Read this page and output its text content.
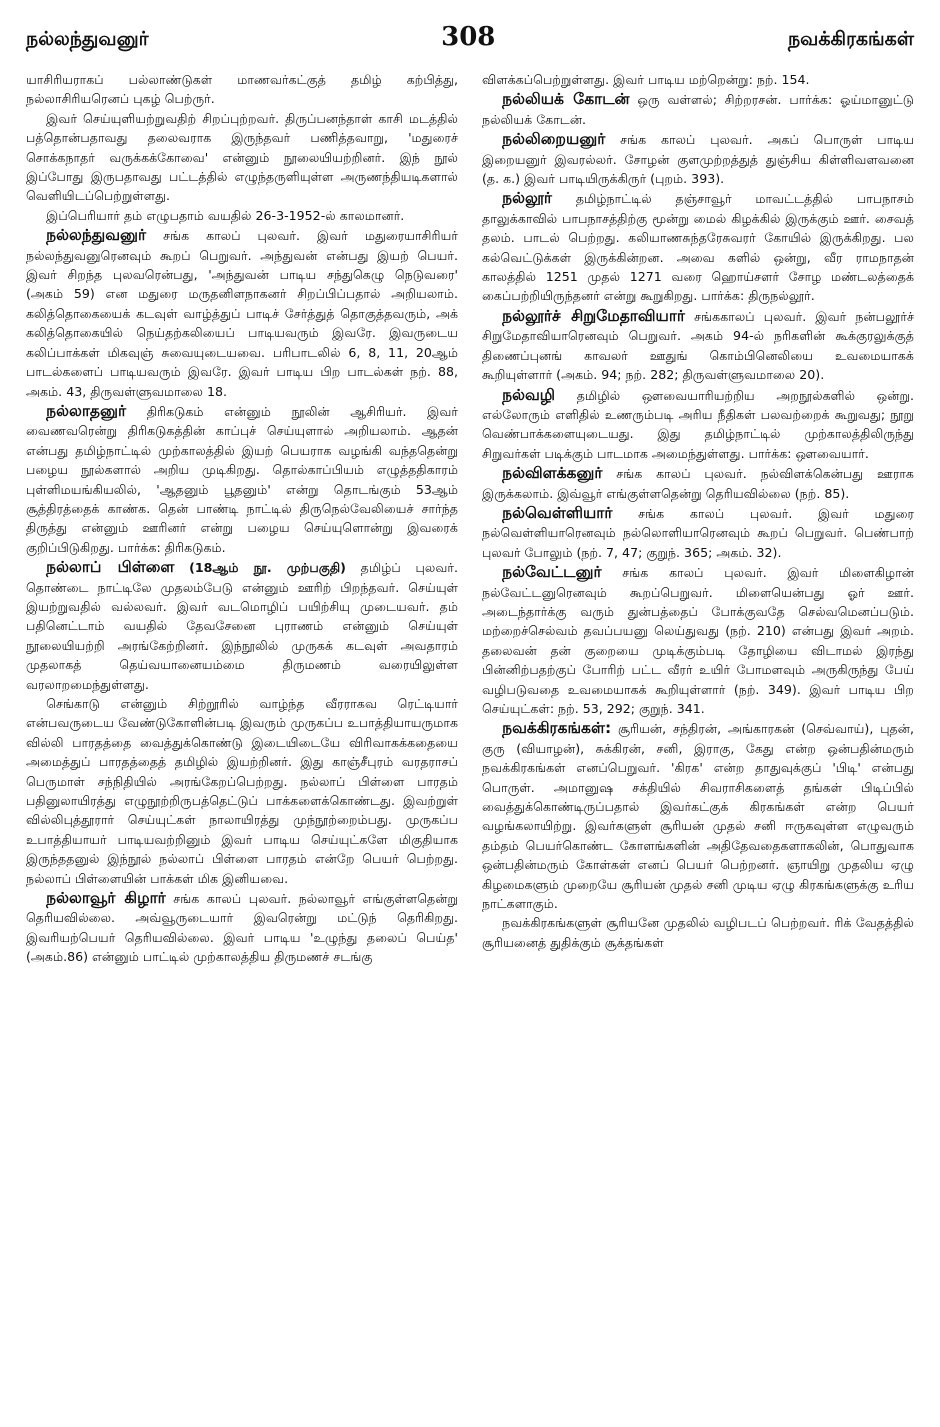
நல்லந்துவனுர்	308	நவக்கிரகங்கள்

யாசிரியராகப் பல்லாண்டுகள் மாணவர்கட்குத் தமிழ் கற்பித்து, நல்லாசிரியரெனப் புகழ் பெற்ருர்.

இவர் செய்யுளியற்றுவதிற் சிறப்புற்றவர். திருப்பனந்தாள் காசி மடத்தில் பத்தொன்பதாவது தலைவராக இருந்தவர் பணித்தவாறு, 'மதுரைச் சொக்கநாதர் வருக்கக்கோவை' என்னும் நூலையியற்றினர். இந் நூல் இப்போது இருபதாவது பட்டத்தில் எழுந்தருளியுள்ள அருணந்தியடிகளால் வெளியிடப்பெற்றுள்ளது.

இப்பெரியார் தம் எழுபதாம் வயதில் 26-3-1952-ல் காலமானர்.

நல்லந்துவனுர் சங்க காலப் புலவர். இவர் மதுரையாசிரியர் நல்லந்துவனுரெனவும் கூறப் பெறுவர். அந்துவன் என்பது இயற் பெயர். இவர் சிறந்த புலவரென்பது, 'அந்துவன் பாடிய சந்துகெழு நெடுவரை' (அகம் 59) என மதுரை மருதனிளநாகனர் சிறப்பிப்பதால் அறியலாம். கலித்தொகையைக் கடவுள் வாழ்த்துப் பாடிச் சேர்த்துத் தொகுத்தவரும், அக் கலித்தொகையில் நெய்தற்கலியைப் பாடியவரும் இவரே. இவருடைய கலிப்பாக்கள் மிகவுஞ் சுவையுடையவை. பரிபாடலில் 6, 8, 11, 20ஆம் பாடல்களைப் பாடியவரும் இவரே. இவர் பாடிய பிற பாடல்கள் நற். 88, அகம். 43, திருவள்ளுவமாலை 18.

நல்லாதனுர் திரிகடுகம் என்னும் நூலின் ஆசிரியர். இவர் வைணவரென்று திரிகடுகத்தின் காப்புச் செய்யுளால் அறியலாம். ஆதன் என்பது தமிழ்நாட்டில் முற்காலத்தில் இயற் பெயராக வழங்கி வந்ததென்று பழைய நூல்களால் அறிய முடிகிறது. தொல்காப்பியம் எழுத்ததிகாரம் புள்ளிமயங்கியலில், 'ஆதனும் பூதனும்' என்று தொடங்கும் 53ஆம் சூத்திரத்தைக் காண்க. தென் பாண்டி நாட்டில் திருநெல்வேலியைச் சார்ந்த திருத்து என்னும் ஊரினர் என்று பழைய செய்யுளொன்று இவரைக் குறிப்பிடுகிறது. பார்க்க: திரிகடுகம்.

நல்லாப் பிள்ளை (18ஆம் நூ. முற்பகுதி) தமிழ்ப் புலவர். தொண்டை நாட்டிலே முதலம்பேடு என்னும் ஊரிற் பிறந்தவர். செய்யுள் இயற்றுவதில் வல்லவர். இவர் வடமொழிப் பயிற்சியு முடையவர். தம் பதினெட்டாம் வயதில் தேவசேனை புராணம் என்னும் செய்யுள் நூலையியற்றி அரங்கேற்றினர். இந்நூலில் முருகக் கடவுள் அவதாரம் முதலாகத் தெய்வயானையம்மை திருமணம் வரையிலுள்ள வரலாறமைந்துள்ளது.

செங்காடு என்னும் சிற்றூரில் வாழ்ந்த வீரராகவ ரெட்டியார் என்பவருடைய வேண்டுகோளின்படி இவரும் முருகப்ப உபாத்தியாயருமாக வில்லி பாரதத்தை வைத்துக்கொண்டு இடையிடையே விரிவாகக்கதையை அமைத்துப் பாரதத்தைத் தமிழில் இயற்றினர். இது காஞ்சீபுரம் வரதராசப் பெருமாள் சந்நிதியில் அரங்கேறப்பெற்றது. நல்லாப் பிள்ளை பாரதம் பதினுலாயிரத்து எழுநூற்றிருபத்தெட்டுப் பாக்களைக்கொண்டது. இவற்றுள் வில்லிபுத்தூரார் செய்யுட்கள் நாலாயிரத்து முந்நூற்றைம்பது. முருகப்ப உபாத்தியாயர் பாடியவற்றினும் இவர் பாடிய செய்யுட்களே மிகுதியாக இருந்ததனுல் இந்நூல் நல்லாப் பிள்ளை பாரதம் என்றே பெயர் பெற்றது. நல்லாப் பிள்ளையின் பாக்கள் மிக இனியவை.

நல்லாவூர் கிழார் சங்க காலப் புலவர். நல்லாவூர் எங்குள்ளதென்று தெரியவில்லை. அவ்வூருடையார் இவரென்று மட்டுந் தெரிகிறது. இவரியற்பெயர் தெரியவில்லை. இவர் பாடிய 'உழுந்து தலைப் பெய்த' (அகம்.86) என்னும் பாட்டில் முற்காலத்திய திருமணச் சடங்கு

விளக்கப்பெற்றுள்ளது. இவர் பாடிய மற்றென்று: நற். 154.

நல்லியக் கோடன் ஒரு வள்ளல்; சிற்றரசன். பார்க்க: ஓய்மானுட்டு நல்லியக் கோடன்.

நல்லிறையனுர் சங்க காலப் புலவர். அகப் பொருள் பாடிய இறையனுர் இவரல்லர். சோழன் குளமுற்றத்துத் துஞ்சிய கிள்ளிவளவனை (த. க.) இவர் பாடியிருக்கிருர் (புறம். 393).

நல்லூர் தமிழ்நாட்டில் தஞ்சாவூர் மாவட்டத்தில் பாபநாசம் தாலுக்காவில் பாபநாசத்திற்கு மூன்று மைல் கிழக்கில் இருக்கும் ஊர். சைவத் தலம். பாடல் பெற்றது. கலியாணசுந்தரேசுவரர் கோயில் இருக்கிறது. பல கல்வெட்டுக்கள் இருக்கின்றன. அவை களில் ஒன்று, வீர ராமநாதன் காலத்தில் 1251 முதல் 1271 வரை ஹொய்சளர் சோழ மண்டலத்தைக் கைப்பற்றியிருந்தனர் என்று கூறுகிறது. பார்க்க: திருநல்லூர்.

நல்லூர்ச் சிறுமேதாவியார் சங்ககாலப் புலவர். இவர் நன்பலூர்ச் சிறுமேதாவியாரெனவும் பெறுவர். அகம் 94-ல் நரிகளின் கூக்குரலுக்குத் திணைப்புனங் காவலர் ஊதுங் கொம்பினெலியை உவமையாகக் கூறியுள்ளார் (அகம். 94; நற். 282; திருவள்ளுவமாலை 20).

நல்வழி தமிழில் ஔவையாரியற்றிய அறநூல்களில் ஒன்று. எல்லோரும் எளிதில் உணரும்படி அரிய நீதிகள் பலவற்றைக் கூறுவது; நூறு வெண்பாக்களையுடையது. இது தமிழ்நாட்டில் முற்காலத்திலிருந்து சிறுவர்கள் படிக்கும் பாடமாக அமைந்துள்ளது. பார்க்க: ஔவையார்.

நல்விளக்கனுர் சங்க காலப் புலவர். நல்விளக்கென்பது ஊராக இருக்கலாம். இவ்வூர் எங்குள்ளதென்று தெரியவில்லை (நற். 85).

நல்வெள்ளியார் சங்க காலப் புலவர். இவர் மதுரை நல்வெள்ளியாரெனவும் நல்லொளியாரெனவும் கூறப் பெறுவர். பெண்பாற் புலவர் போலும் (நற். 7, 47; குறுந். 365; அகம். 32).

நல்வேட்டனுர் சங்க காலப் புலவர். இவர் மிளைகிழான் நல்வேட்டனுரெனவும் கூறப்பெறுவர். மிளையென்பது ஓர் ஊர். அடைந்தார்க்கு வரும் துன்பத்தைப் போக்குவதே செல்வமெனப்படும். மற்றைச்செல்வம் தவப்பயனு லெய்துவது (நற். 210) என்பது இவர் அறம். தலைவன் தன் குறையை முடிக்கும்படி தோழியை விடாமல் இரந்து பின்னிற்பதற்குப் போரிற் பட்ட வீரர் உயிர் போமளவும் அருகிருந்து பேய் வழிபடுவதை உவமையாகக் கூறியுள்ளார் (நற். 349). இவர் பாடிய பிற செய்யுட்கள்: நற். 53, 292; குறுந். 341.

நவக்கிரகங்கள்: சூரியன், சந்திரன், அங்காரகன் (செவ்வாய்), புதன், குரு (வியாழன்), சுக்கிரன், சனி, இராகு, கேது என்ற ஒன்பதின்மரும் நவக்கிரகங்கள் எனப்பெறுவர். 'கிரக' என்ற தாதுவுக்குப் 'பிடி' என்பது பொருள். அமானுஷ சக்தியில் சிவராசிகளைத் தங்கள் பிடிப்பில் வைத்துக்கொண்டிருப்பதால் இவர்கட்குக் கிரகங்கள் என்ற பெயர் வழங்கலாயிற்று. இவர்களுள் சூரியன் முதல் சனி ஈருகவுள்ள எழுவரும் தம்தம் பெயர்கொண்ட கோளங்களின் அதிதேவதைகளாகலின், பொதுவாக ஒன்பதின்மரும் கோள்கள் எனப் பெயர் பெற்றனர். ஞாயிறு முதலிய ஏழு கிழமைகளும் முறையே சூரியன் முதல் சனி முடிய ஏழு கிரகங்களுக்கு உரிய நாட்களாகும்.

நவக்கிரகங்களுள் சூரியனே முதலில் வழிபடப் பெற்றவர். ரிக் வேதத்தில் சூரியனைத் துதிக்கும் சூக்தங்கள்
